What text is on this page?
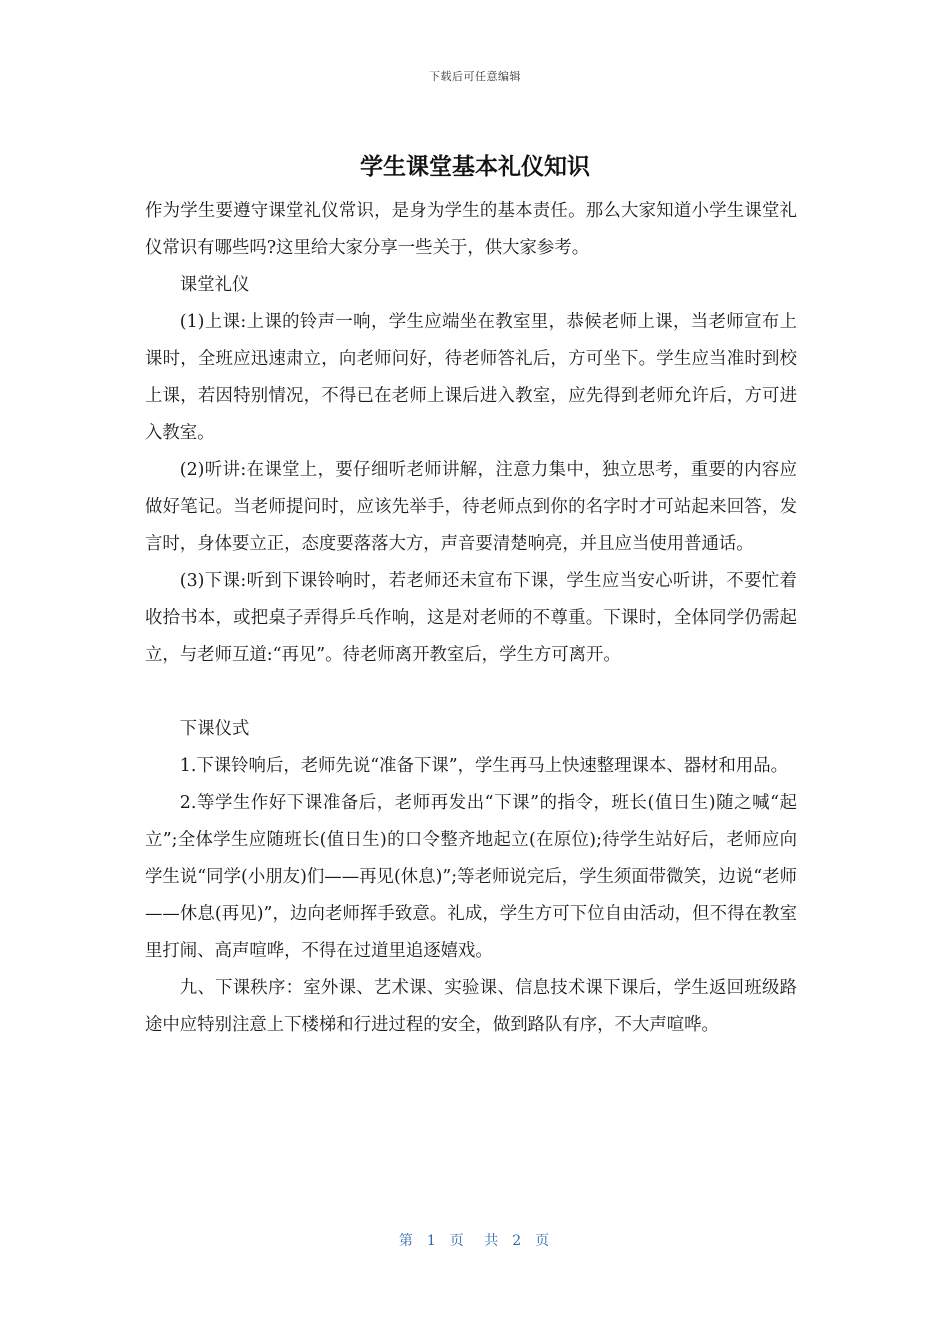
下载后可任意编辑
学生课堂基本礼仪知识

作为学生要遵守课堂礼仪常识，是身为学生的基本责任。那么大家知道小学生课堂礼仪常识有哪些吗?这里给大家分享一些关于，供大家参考。

课堂礼仪

(1)上课:上课的铃声一响，学生应端坐在教室里，恭候老师上课，当老师宣布上课时，全班应迅速肃立，向老师问好，待老师答礼后，方可坐下。学生应当准时到校上课，若因特别情况，不得已在老师上课后进入教室，应先得到老师允许后，方可进入教室。

(2)听讲:在课堂上，要仔细听老师讲解，注意力集中，独立思考，重要的内容应做好笔记。当老师提问时，应该先举手，待老师点到你的名字时才可站起来回答，发言时，身体要立正，态度要落落大方，声音要清楚响亮，并且应当使用普通话。

(3)下课:听到下课铃响时，若老师还未宣布下课，学生应当安心听讲，不要忙着收拾书本，或把桌子弄得乒乓作响，这是对老师的不尊重。下课时，全体同学仍需起立，与老师互道:“再见”。待老师离开教室后，学生方可离开。

下课仪式

1.下课铃响后，老师先说“准备下课”，学生再马上快速整理课本、器材和用品。

2.等学生作好下课准备后，老师再发出“下课”的指令，班长(值日生)随之喊“起立”;全体学生应随班长(值日生)的口令整齐地起立(在原位);待学生站好后，老师应向学生说“同学(小朋友)们——再见(休息)”;等老师说完后，学生须面带微笑，边说“老师——休息(再见)”，边向老师挥手致意。礼成，学生方可下位自由活动，但不得在教室里打闹、高声喧哗，不得在过道里追逐嬉戏。

九、下课秩序：室外课、艺术课、实验课、信息技术课下课后，学生返回班级路途中应特别注意上下楼梯和行进过程的安全，做到路队有序，不大声喧哗。

第 1 页 共 2 页
